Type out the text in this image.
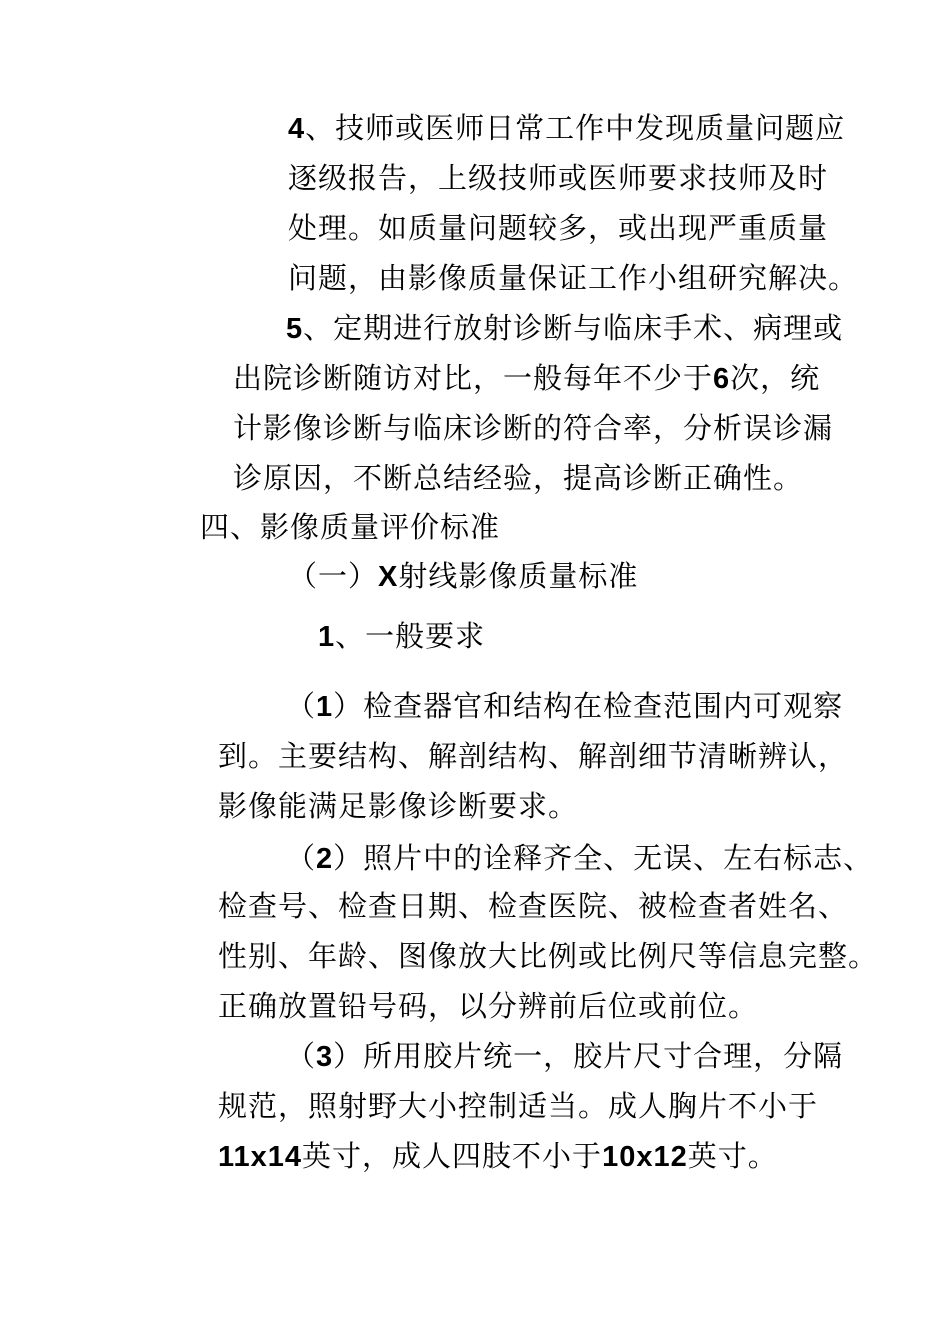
4、技师或医师日常工作中发现质量问题应
逐级报告，上级技师或医师要求技师及时
处理。如质量问题较多，或出现严重质量
问题，由影像质量保证工作小组研究解决。
5、定期进行放射诊断与临床手术、病理或
出院诊断随访对比，一般每年不少于6次，统
计影像诊断与临床诊断的符合率，分析误诊漏
诊原因，不断总结经验，提高诊断正确性。
四、影像质量评价标准
（一）X射线影像质量标准
1、一般要求
（1）检查器官和结构在检查范围内可观察
到。主要结构、解剖结构、解剖细节清晰辨认，
影像能满足影像诊断要求。
（2）照片中的诠释齐全、无误、左右标志、
检查号、检查日期、检查医院、被检查者姓名、
性别、年龄、图像放大比例或比例尺等信息完整。
正确放置铅号码，以分辨前后位或前位。
（3）所用胶片统一，胶片尺寸合理，分隔
规范，照射野大小控制适当。成人胸片不小于
11x14英寸，成人四肢不小于10x12英寸。
